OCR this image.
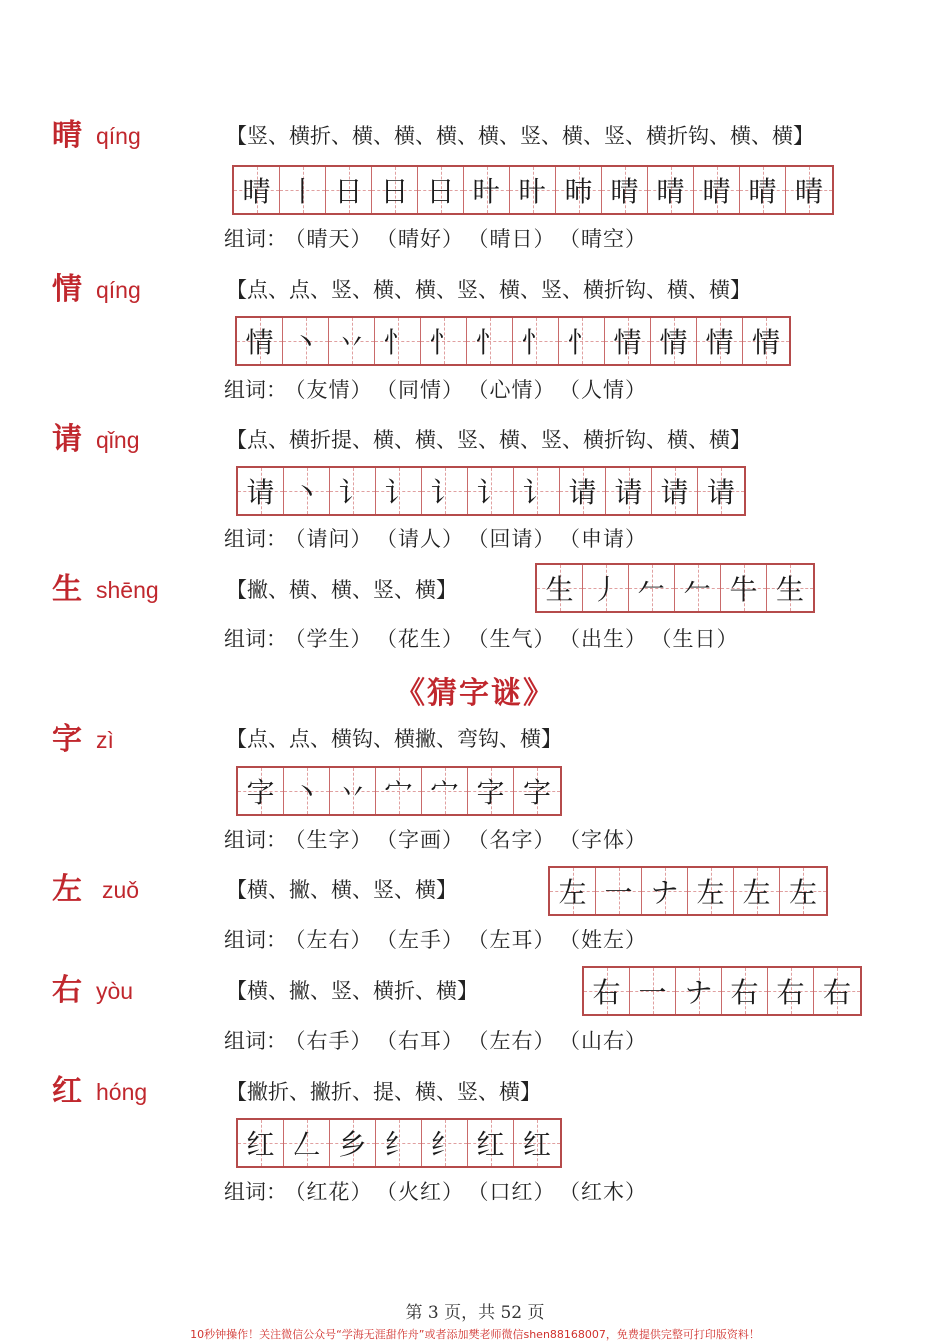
晴 qíng	【竖、横折、横、横、横、横、竖、横、竖、横折钩、横、横】
晴 丨 日 日 日 旪 旪 昁 晴 晴 晴 晴 晴
组词： （晴天） （晴好） （晴日） （晴空）
情 qíng	【点、点、竖、横、横、竖、横、竖、横折钩、横、横】
情 丶 丷 忄 忄 忄 忄 忄 情 情 情 情
组词： （友情） （同情） （心情） （人情）
请 qǐng	【点、横折提、横、横、竖、横、竖、横折钩、横、横】
请 丶 讠 讠 讠 讠 讠 请 请 请 请
组词： （请问） （请人） （回请） （申请）
生 shēng	【撇、横、横、竖、横】	生 丿 𠂉 𠂉 牛 生
组词： （学生） （花生） （生气） （出生） （生日）
《猜字谜》
字 zì	【点、点、横钩、横撇、弯钩、横】
字 丶 丷 宀 宀 字 字
组词： （生字） （字画） （名字） （字体）
左 zuǒ	【横、撇、横、竖、横】	左 一 ナ 左 左 左
组词： （左右） （左手） （左耳） （姓左）
右 yòu	【横、撇、竖、横折、横】	右 一 ナ 右 右 右
组词： （右手） （右耳） （左右） （山右）
红 hóng	【撇折、撇折、提、横、竖、横】
红 𠃋 乡 纟 纟 红 红
组词： （红花） （火红） （口红） （红木）
第 3 页，共 52 页
10秒钟操作！关注微信公众号“学海无涯甜作舟”或者添加樊老师微信shen88168007，免费提供完整可打印版资料！
